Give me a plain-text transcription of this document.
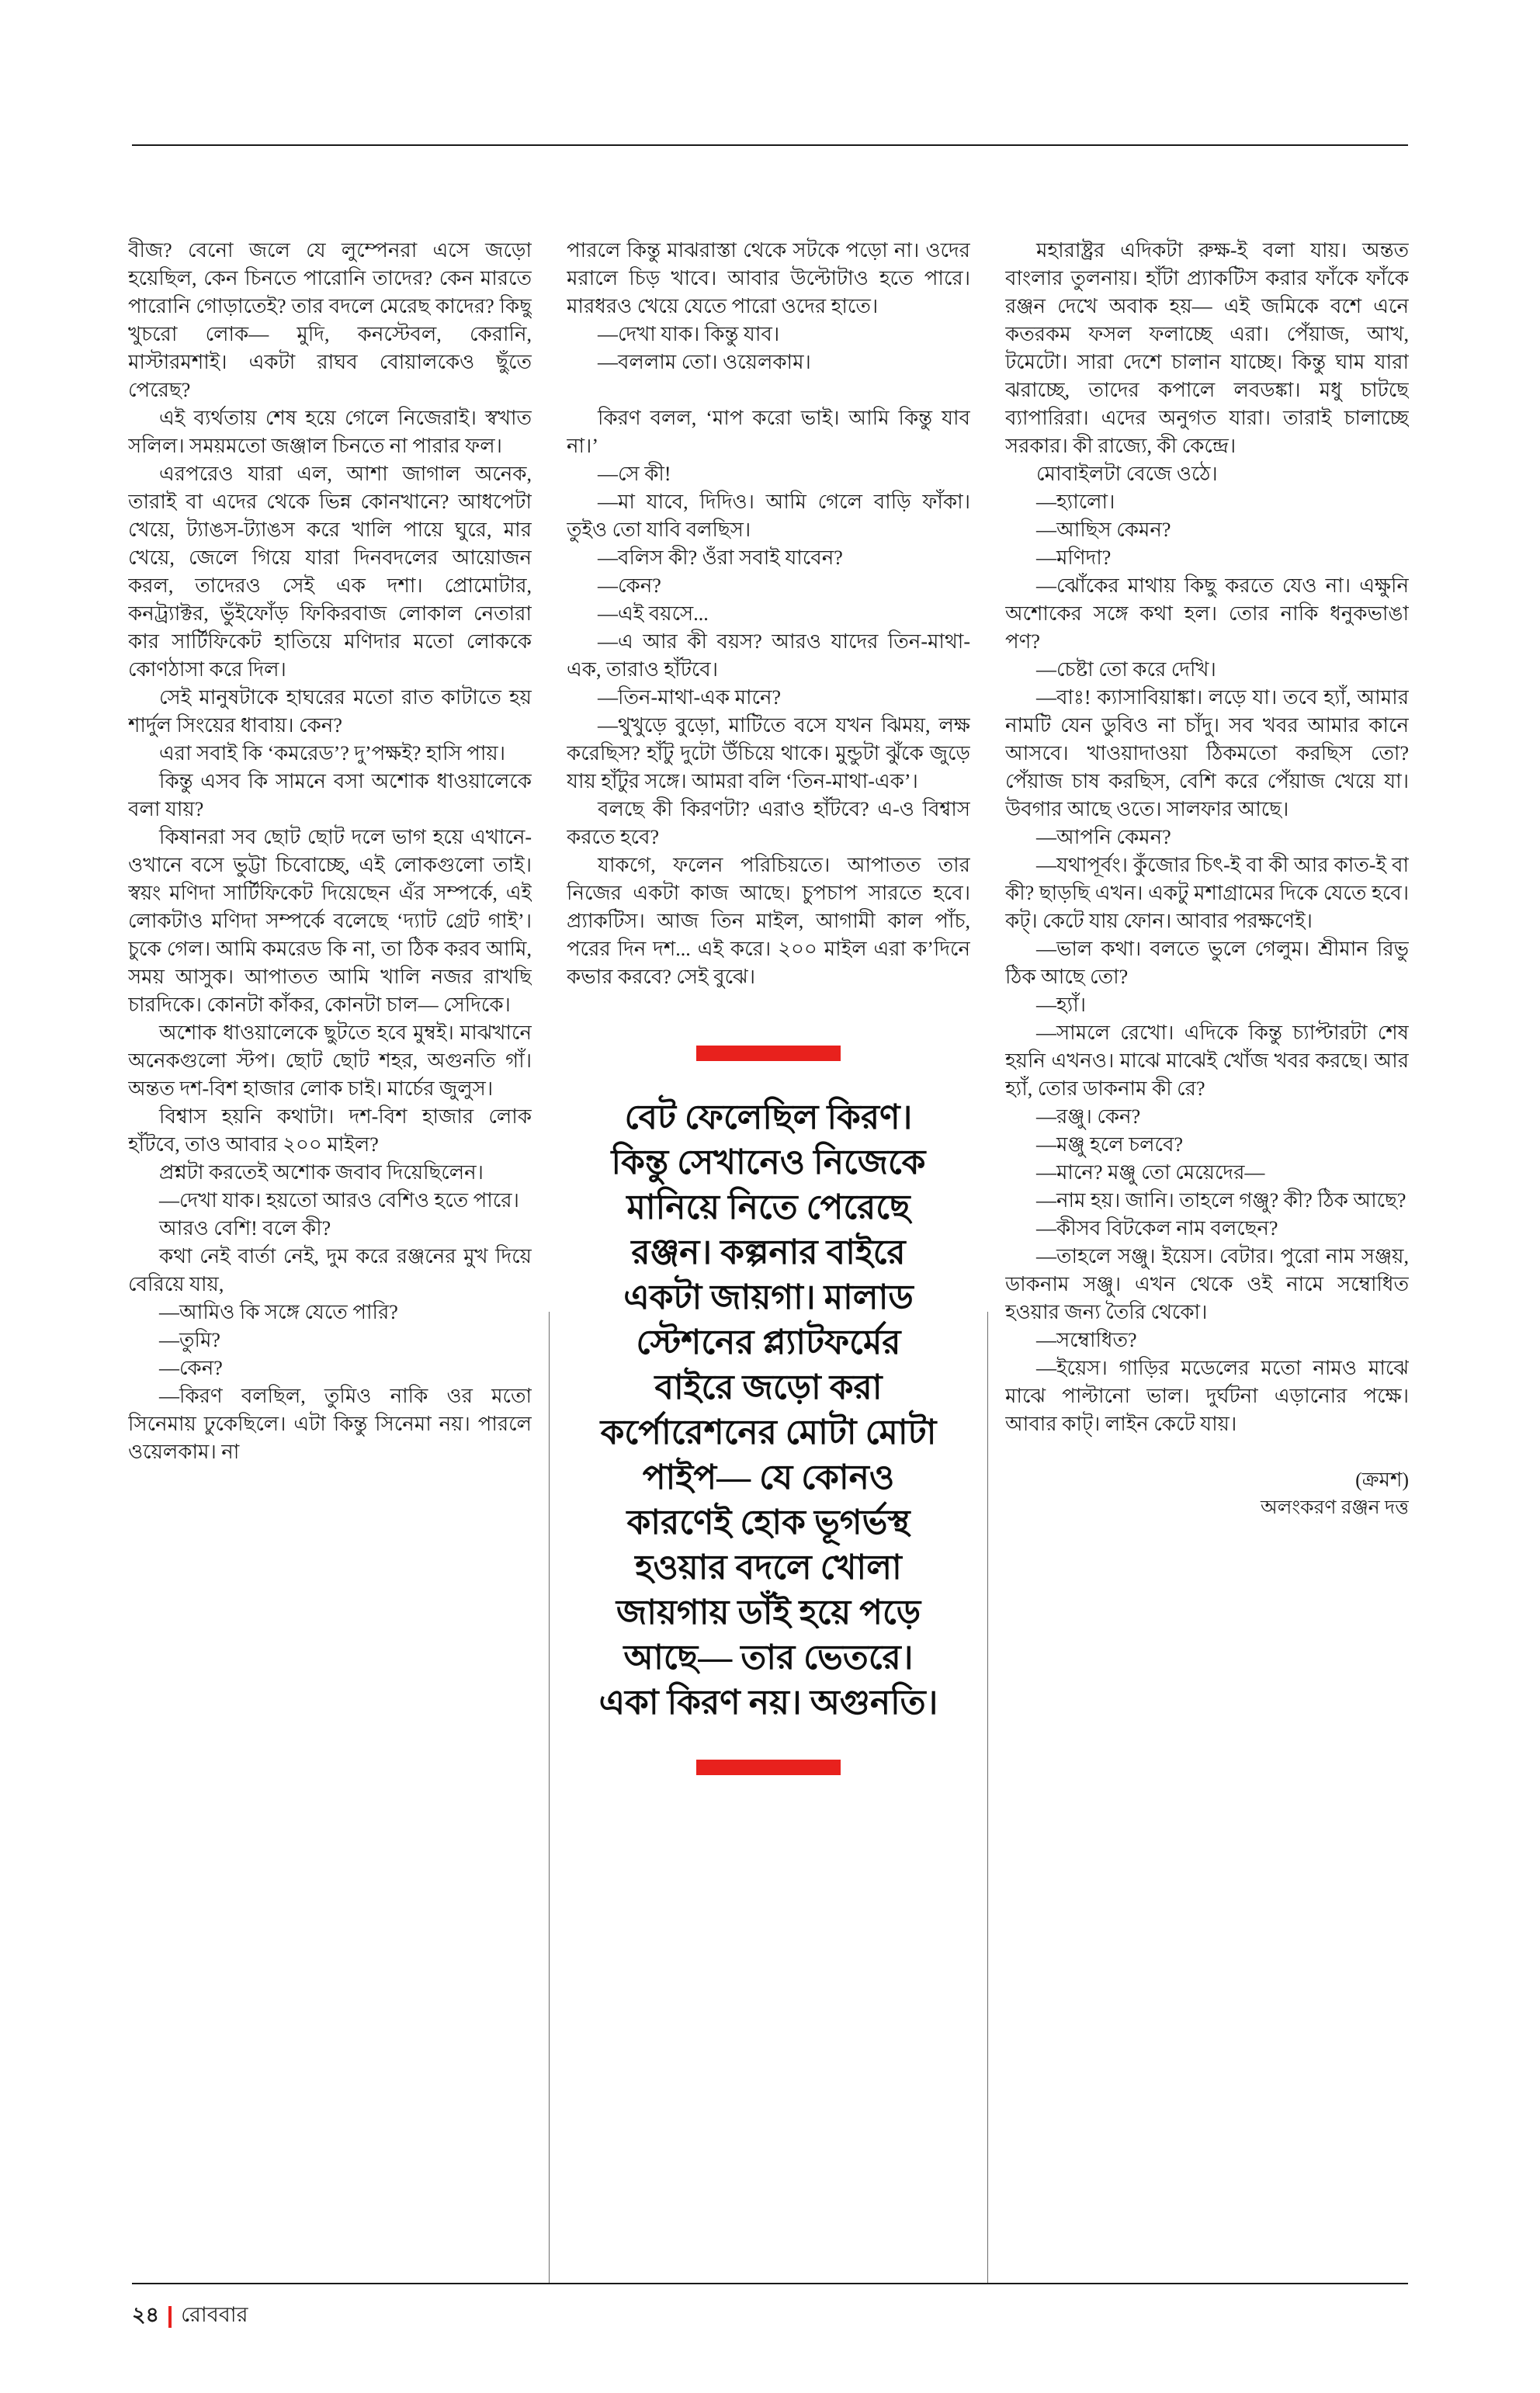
বীজ? বেনো জলে যে লুম্পেনরা এসে জড়ো হয়েছিল, কেন চিনতে পারোনি তাদের? কেন মারতে পারোনি গোড়াতেই? তার বদলে মেরেছ কাদের? কিছু খুচরো লোক— মুদি, কনস্টেবল, কেরানি, মাস্টারমশাই। একটা রাঘব বোয়ালকেও ছুঁতে পেরেছ?

এই ব্যর্থতায় শেষ হয়ে গেলে নিজেরাই। স্বখাত সলিল। সময়মতো জঞ্জাল চিনতে না পারার ফল।

এরপরেও যারা এল, আশা জাগাল অনেক, তারাই বা এদের থেকে ভিন্ন কোনখানে? আধপেটা খেয়ে, ট্যাঙস-ট্যাঙস করে খালি পায়ে ঘুরে, মার খেয়ে, জেলে গিয়ে যারা দিনবদলের আয়োজন করল, তাদেরও সেই এক দশা। প্রোমোটার, কনট্র্যাক্টর, ভুঁইফোঁড় ফিকিরবাজ লোকাল নেতারা কার সার্টিফিকেট হাতিয়ে মণিদার মতো লোককে কোণঠাসা করে দিল।

সেই মানুষটাকে হাঘরের মতো রাত কাটাতে হয় শার্দুল সিংয়ের ধাবায়। কেন?

এরা সবাই কি ‘কমরেড’? দু’পক্ষই? হাসি পায়।

কিন্তু এসব কি সামনে বসা অশোক ধাওয়ালেকে বলা যায়?

কিষানরা সব ছোট ছোট দলে ভাগ হয়ে এখানে-ওখানে বসে ভুট্টা চিবোচ্ছে, এই লোকগুলো তাই। স্বয়ং মণিদা সার্টিফিকেট দিয়েছেন এঁর সম্পর্কে, এই লোকটাও মণিদা সম্পর্কে বলেছে ‘দ্যাট গ্রেট গাই’। চুকে গেল। আমি কমরেড কি না, তা ঠিক করব আমি, সময় আসুক। আপাতত আমি খালি নজর রাখছি চারদিকে। কোনটা কাঁকর, কোনটা চাল— সেদিকে।

অশোক ধাওয়ালেকে ছুটতে হবে মুম্বই। মাঝখানে অনেকগুলো স্টপ। ছোট ছোট শহর, অগুনতি গাঁ। অন্তত দশ-বিশ হাজার লোক চাই। মার্চের জুলুস।

বিশ্বাস হয়নি কথাটা। দশ-বিশ হাজার লোক হাঁটবে, তাও আবার ২০০ মাইল?

প্রশ্নটা করতেই অশোক জবাব দিয়েছিলেন।

—দেখা যাক। হয়তো আরও বেশিও হতে পারে।

আরও বেশি! বলে কী?

কথা নেই বার্তা নেই, দুম করে রঞ্জনের মুখ দিয়ে বেরিয়ে যায়,

—আমিও কি সঙ্গে যেতে পারি?

—তুমি?

—কেন?

—কিরণ বলছিল, তুমিও নাকি ওর মতো সিনেমায় ঢুকেছিলে। এটা কিন্তু সিনেমা নয়। পারলে ওয়েলকাম। না

পারলে কিন্তু মাঝরাস্তা থেকে সটকে পড়ো না। ওদের মরালে চিড় খাবে। আবার উল্টোটাও হতে পারে। মারধরও খেয়ে যেতে পারো ওদের হাতে।

—দেখা যাক। কিন্তু যাব।

—বললাম তো। ওয়েলকাম।

কিরণ বলল, ‘মাপ করো ভাই। আমি কিন্তু যাব না।’

—সে কী!

—মা যাবে, দিদিও। আমি গেলে বাড়ি ফাঁকা। তুইও তো যাবি বলছিস।

—বলিস কী? ওঁরা সবাই যাবেন?

—কেন?

—এই বয়সে...

—এ আর কী বয়স? আরও যাদের তিন-মাথা-এক, তারাও হাঁটবে।

—তিন-মাথা-এক মানে?

—থুখুড়ে বুড়ো, মাটিতে বসে যখন ঝিময়, লক্ষ করেছিস? হাঁটু দুটো উঁচিয়ে থাকে। মুন্ডুটা ঝুঁকে জুড়ে যায় হাঁটুর সঙ্গে। আমরা বলি ‘তিন-মাথা-এক’।

বলছে কী কিরণটা? এরাও হাঁটবে? এ-ও বিশ্বাস করতে হবে?

যাকগে, ফলেন পরিচিয়তে। আপাতত তার নিজের একটা কাজ আছে। চুপচাপ সারতে হবে। প্র্যাকটিস। আজ তিন মাইল, আগামী কাল পাঁচ, পরের দিন দশ... এই করে। ২০০ মাইল এরা ক’দিনে কভার করবে? সেই বুঝে।

বেট ফেলেছিল কিরণ। কিন্তু সেখানেও নিজেকে মানিয়ে নিতে পেরেছে রঞ্জন। কল্পনার বাইরে একটা জায়গা। মালাড স্টেশনের প্ল্যাটফর্মের বাইরে জড়ো করা কর্পোরেশনের মোটা মোটা পাইপ— যে কোনও কারণেই হোক ভূগর্ভস্থ হওয়ার বদলে খোলা জায়গায় ডাঁই হয়ে পড়ে আছে— তার ভেতরে। একা কিরণ নয়। অগুনতি।

মহারাষ্ট্রর এদিকটা রুক্ষ-ই বলা যায়। অন্তত বাংলার তুলনায়। হাঁটা প্র্যাকটিস করার ফাঁকে ফাঁকে রঞ্জন দেখে অবাক হয়— এই জমিকে বশে এনে কতরকম ফসল ফলাচ্ছে এরা। পেঁয়াজ, আখ, টমেটো। সারা দেশে চালান যাচ্ছে। কিন্তু ঘাম যারা ঝরাচ্ছে, তাদের কপালে লবডঙ্কা। মধু চাটছে ব্যাপারিরা। এদের অনুগত যারা। তারাই চালাচ্ছে সরকার। কী রাজ্যে, কী কেন্দ্রে।

মোবাইলটা বেজে ওঠে।

—হ্যালো।

—আছিস কেমন?

—মণিদা?

—ঝোঁকের মাথায় কিছু করতে যেও না। এক্ষুনি অশোকের সঙ্গে কথা হল। তোর নাকি ধনুকভাঙা পণ?

—চেষ্টা তো করে দেখি।

—বাঃ! ক্যাসাবিয়াঙ্কা। লড়ে যা। তবে হ্যাঁ, আমার নামটি যেন ডুবিও না চাঁদু। সব খবর আমার কানে আসবে। খাওয়াদাওয়া ঠিকমতো করছিস তো? পেঁয়াজ চাষ করছিস, বেশি করে পেঁয়াজ খেয়ে যা। উবগার আছে ওতে। সালফার আছে।

—আপনি কেমন?

—যথাপূর্বং। কুঁজোর চিৎ-ই বা কী আর কাত-ই বা কী? ছাড়ছি এখন। একটু মশাগ্রামের দিকে যেতে হবে। কট্। কেটে যায় ফোন। আবার পরক্ষণেই।

—ভাল কথা। বলতে ভুলে গেলুম। শ্রীমান রিভু ঠিক আছে তো?

—হ্যাঁ।

—সামলে রেখো। এদিকে কিন্তু চ্যাপ্টারটা শেষ হয়নি এখনও। মাঝে মাঝেই খোঁজ খবর করছে। আর হ্যাঁ, তোর ডাকনাম কী রে?

—রঞ্জু। কেন?

—মঞ্জু হলে চলবে?

—মানে? মঞ্জু তো মেয়েদের—

—নাম হয়। জানি। তাহলে গঞ্জু? কী? ঠিক আছে?

—কীসব বিটকেল নাম বলছেন?

—তাহলে সঞ্জু। ইয়েস। বেটার। পুরো নাম সঞ্জয়, ডাকনাম সঞ্জু। এখন থেকে ওই নামে সম্বোধিত হওয়ার জন্য তৈরি থেকো।

—সম্বোধিত?

—ইয়েস। গাড়ির মডেলের মতো নামও মাঝে মাঝে পাল্টানো ভাল। দুর্ঘটনা এড়ানোর পক্ষে। আবার কাট্। লাইন কেটে যায়।

(ক্রমশ)

অলংকরণ রঞ্জন দত্ত

২৪ রোববার
